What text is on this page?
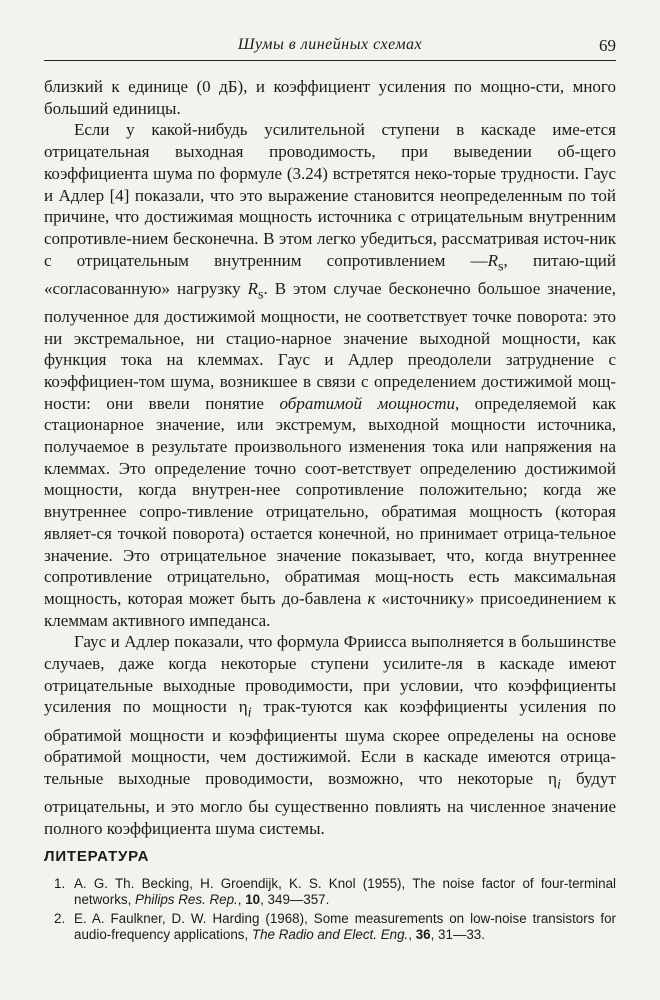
Шумы в линейных схемах	69

близкий к единице (0 дБ), и коэффициент усиления по мощно-сти, много больший единицы.

Если у какой-нибудь усилительной ступени в каскаде име-ется отрицательная выходная проводимость, при выведении об-щего коэффициента шума по формуле (3.24) встретятся неко-торые трудности. Гаус и Адлер [4] показали, что это выражение становится неопределенным по той причине, что достижимая мощность источника с отрицательным внутренним сопротивле-нием бесконечна. В этом легко убедиться, рассматривая источ-ник с отрицательным внутренним сопротивлением $—R_s$, питаю-щий «согласованную» нагрузку $R_s$. В этом случае бесконечно большое значение, полученное для достижимой мощности, не соответствует точке поворота: это ни экстремальное, ни стацио-нарное значение выходной мощности, как функция тока на клеммах. Гаус и Адлер преодолели затруднение с коэффициен-том шума, возникшее в связи с определением достижимой мощ-ности: они ввели понятие обратимой мощности, определяемой как стационарное значение, или экстремум, выходной мощности источника, получаемое в результате произвольного изменения тока или напряжения на клеммах. Это определение точно соот-ветствует определению достижимой мощности, когда внутрен-нее сопротивление положительно; когда же внутреннее сопро-тивление отрицательно, обратимая мощность (которая являет-ся точкой поворота) остается конечной, но принимает отрица-тельное значение. Это отрицательное значение показывает, что, когда внутреннее сопротивление отрицательно, обратимая мощ-ность есть максимальная мощность, которая может быть до-бавлена к «источнику» присоединением к клеммам активного импеданса.

Гаус и Адлер показали, что формула Фриисса выполняется в большинстве случаев, даже когда некоторые ступени усилите-ля в каскаде имеют отрицательные выходные проводимости, при условии, что коэффициенты усиления по мощности $\eta_i$ трак-туются как коэффициенты усиления по обратимой мощности и коэффициенты шума скорее определены на основе обратимой мощности, чем достижимой. Если в каскаде имеются отрица-тельные выходные проводимости, возможно, что некоторые $\eta_i$ будут отрицательны, и это могло бы существенно повлиять на численное значение полного коэффициента шума системы.

ЛИТЕРАТУРА
1. A. G. Th. Becking, H. Groendijk, K. S. Knol (1955), The noise factor of four-terminal networks, Philips Res. Rep., 10, 349—357.
2. E. A. Faulkner, D. W. Harding (1968), Some measurements on low-noise transistors for audio-frequency applications, The Radio and Elect. Eng., 36, 31—33.
